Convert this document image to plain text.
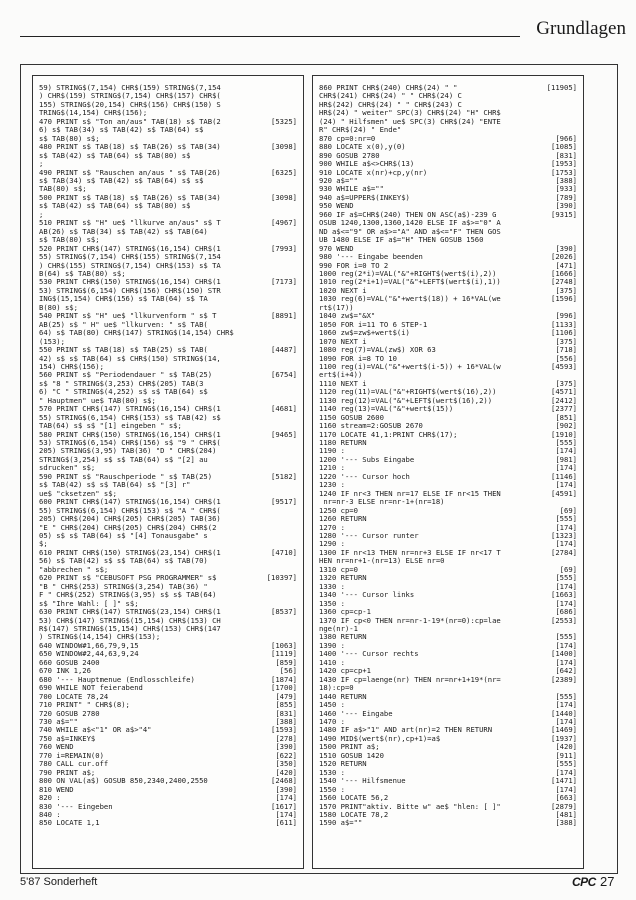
Grundlagen
59) STRING$(7,154) CHR$(159) STRING$(7,154
) CHR$(159) STRING$(7,154) CHR$(157) CHR$(
155) STRING$(20,154) CHR$(156) CHR$(150) S
TRING$(14,154) CHR$(156);
470 PRINT s$ "Ton an/aus" TAB(18) s$ TAB(2	[5325]
6) s$ TAB(34) s$ TAB(42) s$ TAB(64) s$
s$ TAB(80) s$;
480 PRINT s$ TAB(18) s$ TAB(26) s$ TAB(34)	[3098]
s$ TAB(42) s$ TAB(64) s$ TAB(80) s$
;
490 PRINT s$ "Rauschen an/aus " s$ TAB(26)	[6325]
s$ TAB(34) s$ TAB(42) s$ TAB(64) s$ s$
TAB(80) s$;
500 PRINT s$ TAB(18) s$ TAB(26) s$ TAB(34)	[3098]
s$ TAB(42) s$ TAB(64) s$ TAB(80) s$
;
510 PRINT s$ "H" ue$ "llkurve an/aus" s$ T	[4967]
AB(26) s$ TAB(34) s$ TAB(42) s$ TAB(64)
s$ TAB(80) s$;
520 PRINT CHR$(147) STRING$(16,154) CHR$(1	[7993]
55) STRING$(7,154) CHR$(155) STRING$(7,154
) CHR$(155) STRING$(7,154) CHR$(153) s$ TA
B(64) s$ TAB(80) s$;
530 PRINT CHR$(150) STRING$(16,154) CHR$(1	[7173]
53) STRING$(6,154) CHR$(156) CHR$(150) STR
ING$(15,154) CHR$(156) s$ TAB(64) s$ TA
B(80) s$;
540 PRINT s$ "H" ue$ "llkurvenform " s$ T	[8891]
AB(25) s$ " H" ue$ "llkurven: " s$ TAB(
64) s$ TAB(80) CHR$(147) STRING$(14,154) CHR$
(153);
550 PRINT s$ TAB(18) s$ TAB(25) s$ TAB(	[4487]
42) s$ s$ TAB(64) s$ CHR$(150) STRING$(14,
154) CHR$(156);
560 PRINT s$ "Periodendauer " s$ TAB(25)	[6754]
s$ "8 " STRING$(3,253) CHR$(205) TAB(3
6) "C " STRING$(4,252) s$ s$ TAB(64) s$
" Hauptmen" ue$ TAB(80) s$;
570 PRINT CHR$(147) STRING$(16,154) CHR$(1	[4681]
55) STRING$(6,154) CHR$(153) s$ TAB(42) s$
TAB(64) s$ s$ "[1] eingeben " s$;
580 PRINT CHR$(150) STRING$(16,154) CHR$(1	[9465]
53) STRING$(6,154) CHR$(156) s$ "9 " CHR$(
205) STRING$(3,95) TAB(36) "D " CHR$(204)
STRING$(3,254) s$ s$ TAB(64) s$ "[2] au
sdrucken" s$;
590 PRINT s$ "Rauschperiode " s$ TAB(25)	[5182]
s$ TAB(42) s$ s$ TAB(64) s$ "[3] r"
ue$ "cksetzen" s$;
600 PRINT CHR$(147) STRING$(16,154) CHR$(1	[9517]
55) STRING$(6,154) CHR$(153) s$ "A " CHR$(
205) CHR$(204) CHR$(205) CHR$(205) TAB(36)
"E " CHR$(204) CHR$(205) CHR$(204) CHR$(2
05) s$ s$ TAB(64) s$ "[4] Tonausgabe" s
$;
610 PRINT CHR$(150) STRING$(23,154) CHR$(1	[4710]
56) s$ TAB(42) s$ s$ TAB(64) s$ TAB(70)
"abbrechen " s$;
620 PRINT s$ "CEBUSOFT PSG PROGRAMMER" s$	[10397]
"B " CHR$(253) STRING$(3,254) TAB(36) "
F " CHR$(252) STRING$(3,95) s$ s$ TAB(64)
s$ "Ihre Wahl: [ ]" s$;
630 PRINT CHR$(147) STRING$(23,154) CHR$(1	[8537]
53) CHR$(147) STRING$(15,154) CHR$(153) CH
R$(147) STRING$(15,154) CHR$(153) CHR$(147
) STRING$(14,154) CHR$(153);
640 WINDOW#1,66,79,9,15	[1063]
650 WINDOW#2,44,63,9,24	[1119]
660 GOSUB 2400	[859]
670 INK 1,26	[56]
680 '--- Hauptmenue (Endlosschleife)	[1874]
690 WHILE NOT feierabend	[1700]
700 LOCATE 78,24	[479]
710 PRINT" " CHR$(8);	[855]
720 GOSUB 2780	[831]
730 a$=""	[388]
740 WHILE a$<"1" OR a$>"4"	[1593]
750 a$=INKEY$	[278]
760 WEND	[390]
770 i=REMAIN(0)	[622]
780 CALL cur.off	[350]
790 PRINT a$;	[420]
800 ON VAL(a$) GOSUB 850,2340,2400,2550	[2468]
810 WEND	[390]
820 :	[174]
830 '--- Eingeben	[1617]
840 :	[174]
850 LOCATE 1,1	[611]
860 PRINT CHR$(240) CHR$(24) " "	[11905]
CHR$(241) CHR$(24) " " CHR$(24) C
HR$(242) CHR$(24) " " CHR$(243) C
HR$(24) " weiter" SPC(3) CHR$(24) "H" CHR$
(24) " Hilfsmen" ue$ SPC(3) CHR$(24) "ENTE
R" CHR$(24) " Ende"
870 cp=0:nr=0	[966]
880 LOCATE x(0),y(0)	[1085]
890 GOSUB 2780	[831]
900 WHILE a$<>CHR$(13)	[1953]
910 LOCATE x(nr)+cp,y(nr)	[1753]
920 a$=""	[388]
930 WHILE a$=""	[933]
940 a$=UPPER$(INKEY$)	[789]
950 WEND	[390]
960 IF a$=CHR$(240) THEN ON ASC(a$)-239 G	[9315]
OSUB 1240,1300,1360,1420 ELSE IF a$>="0" A
ND a$<="9" OR a$>="A" AND a$<="F" THEN GOS
UB 1480 ELSE IF a$="H" THEN GOSUB 1560
970 WEND	[390]
980 '--- Eingabe beenden	[2026]
990 FOR i=0 TO 2	[471]
1000 reg(2*i)=VAL("&"+RIGHT$(wert$(i),2))	[1666]
1010 reg(2*i+1)=VAL("&"+LEFT$(wert$(i),1))	[2748]
1020 NEXT i	[375]
1030 reg(6)=VAL("&"+wert$(18)) + 16*VAL(we	[1596]
rt$(17))
1040 zw$="&X"	[996]
1050 FOR i=11 TO 6 STEP-1	[1133]
1060 zw$=zw$+wert$(i)	[1106]
1070 NEXT i	[375]
1080 reg(7)=VAL(zw$) XOR 63	[718]
1090 FOR i=8 TO 10	[556]
1100 reg(i)=VAL("&"+wert$(i-5)) + 16*VAL(w	[4593]
ert$(i+4))
1110 NEXT i	[375]
1120 reg(11)=VAL("&"+RIGHT$(wert$(16),2))	[4571]
1130 reg(12)=VAL("&"+LEFT$(wert$(16),2))	[2412]
1140 reg(13)=VAL("&"+wert$(15))	[2377]
1150 GOSUB 2600	[851]
1160 stream=2:GOSUB 2670	[902]
1170 LOCATE 41,1:PRINT CHR$(17);	[1910]
1180 RETURN	[555]
1190 :	[174]
1200 '--- Subs Eingabe	[981]
1210 :	[174]
1220 '--- Cursor hoch	[1146]
1230 :	[174]
1240 IF nr<3 THEN nr=17 ELSE IF nr<15 THEN	[4591]
nr=nr-3 ELSE nr=nr-1+(nr=18)
1250 cp=0	[69]
1260 RETURN	[555]
1270 :	[174]
1280 '--- Cursor runter	[1323]
1290 :	[174]
1300 IF nr<13 THEN nr=nr+3 ELSE IF nr<17 T	[2784]
HEN nr=nr+1-(nr=13) ELSE nr=0
1310 cp=0	[69]
1320 RETURN	[555]
1330 :	[174]
1340 '--- Cursor links	[1663]
1350 :	[174]
1360 cp=cp-1	[686]
1370 IF cp<0 THEN nr=nr-1-19*(nr=0):cp=lae	[2553]
nge(nr)-1
1380 RETURN	[555]
1390 :	[174]
1400 '--- Cursor rechts	[1400]
1410 :	[174]
1420 cp=cp+1	[642]
1430 IF cp=laenge(nr) THEN nr=nr+1+19*(nr=	[2389]
18):cp=0
1440 RETURN	[555]
1450 :	[174]
1460 '--- Eingabe	[1440]
1470 :	[174]
1480 IF a$>"1" AND art(nr)=2 THEN RETURN	[1469]
1490 MID$(wert$(nr),cp+1)=a$	[1937]
1500 PRINT a$;	[420]
1510 GOSUB 1420	[911]
1520 RETURN	[555]
1530 :	[174]
1540 '--- Hilfsmenue	[1471]
1550 :	[174]
1560 LOCATE 56,2	[663]
1570 PRINT"aktiv. Bitte w" ae$ "hlen: [ ]"	[2879]
1580 LOCATE 78,2	[481]
1590 a$=""	[388]
5'87 Sonderheft	CPC 27
